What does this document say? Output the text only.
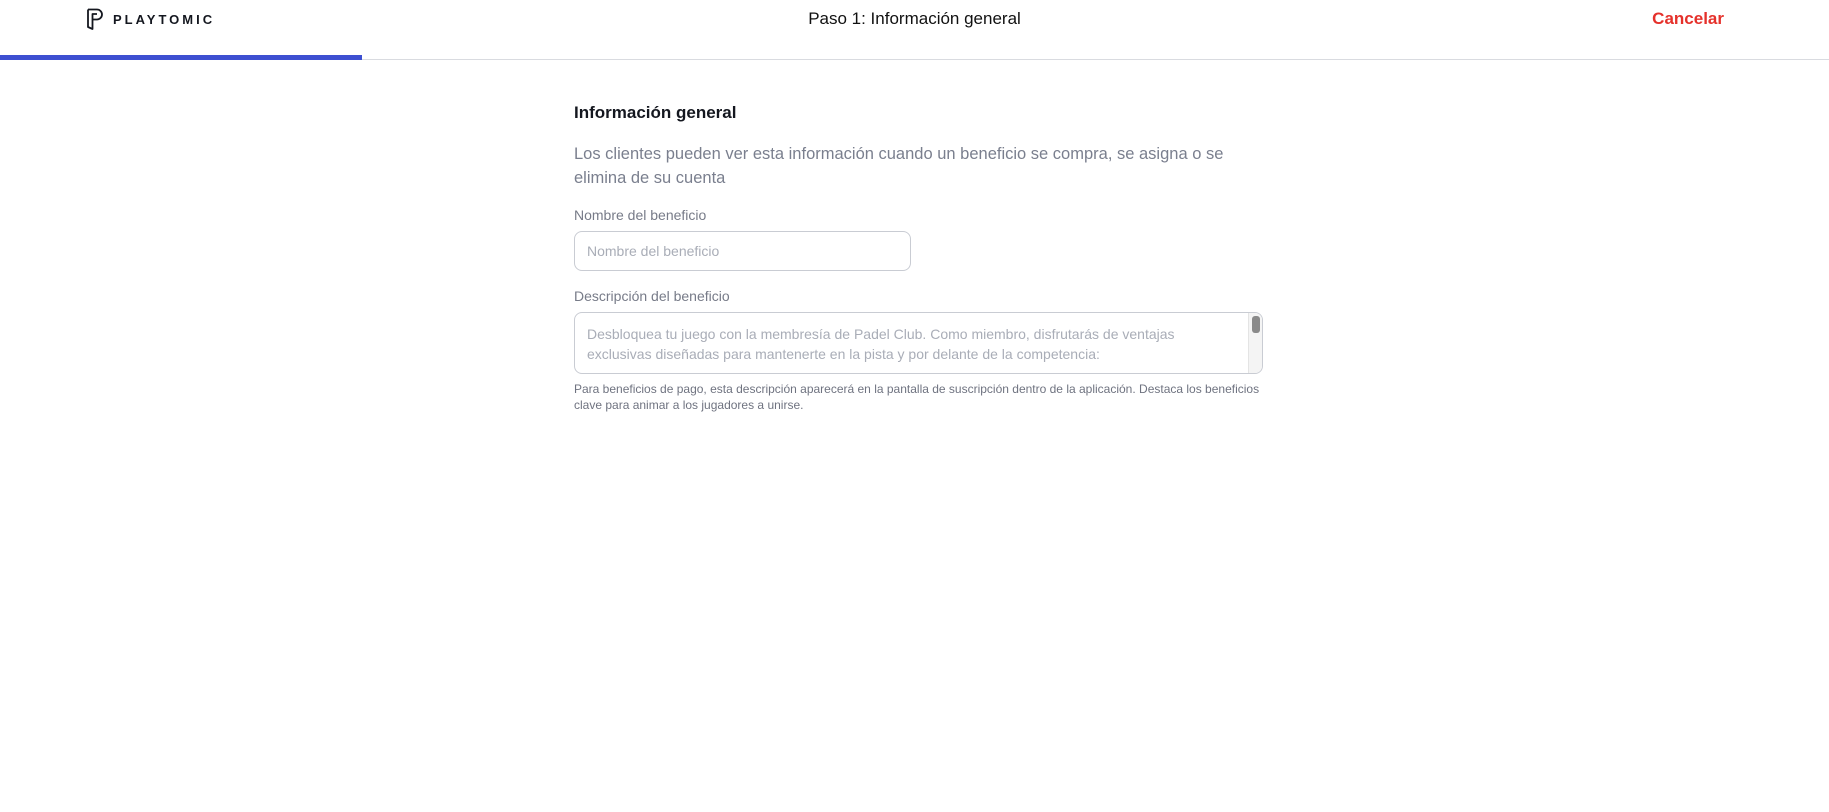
PLAYTOMIC	Paso 1: Información general	Cancelar
Información general

Los clientes pueden ver esta información cuando un beneficio se compra, se asigna o se elimina de su cuenta

Nombre del beneficio
Nombre del beneficio
Descripción del beneficio
Desbloquea tu juego con la membresía de Padel Club. Como miembro, disfrutarás de ventajas exclusivas diseñadas para mantenerte en la pista y por delante de la competencia:

Para beneficios de pago, esta descripción aparecerá en la pantalla de suscripción dentro de la aplicación. Destaca los beneficios clave para animar a los jugadores a unirse.
